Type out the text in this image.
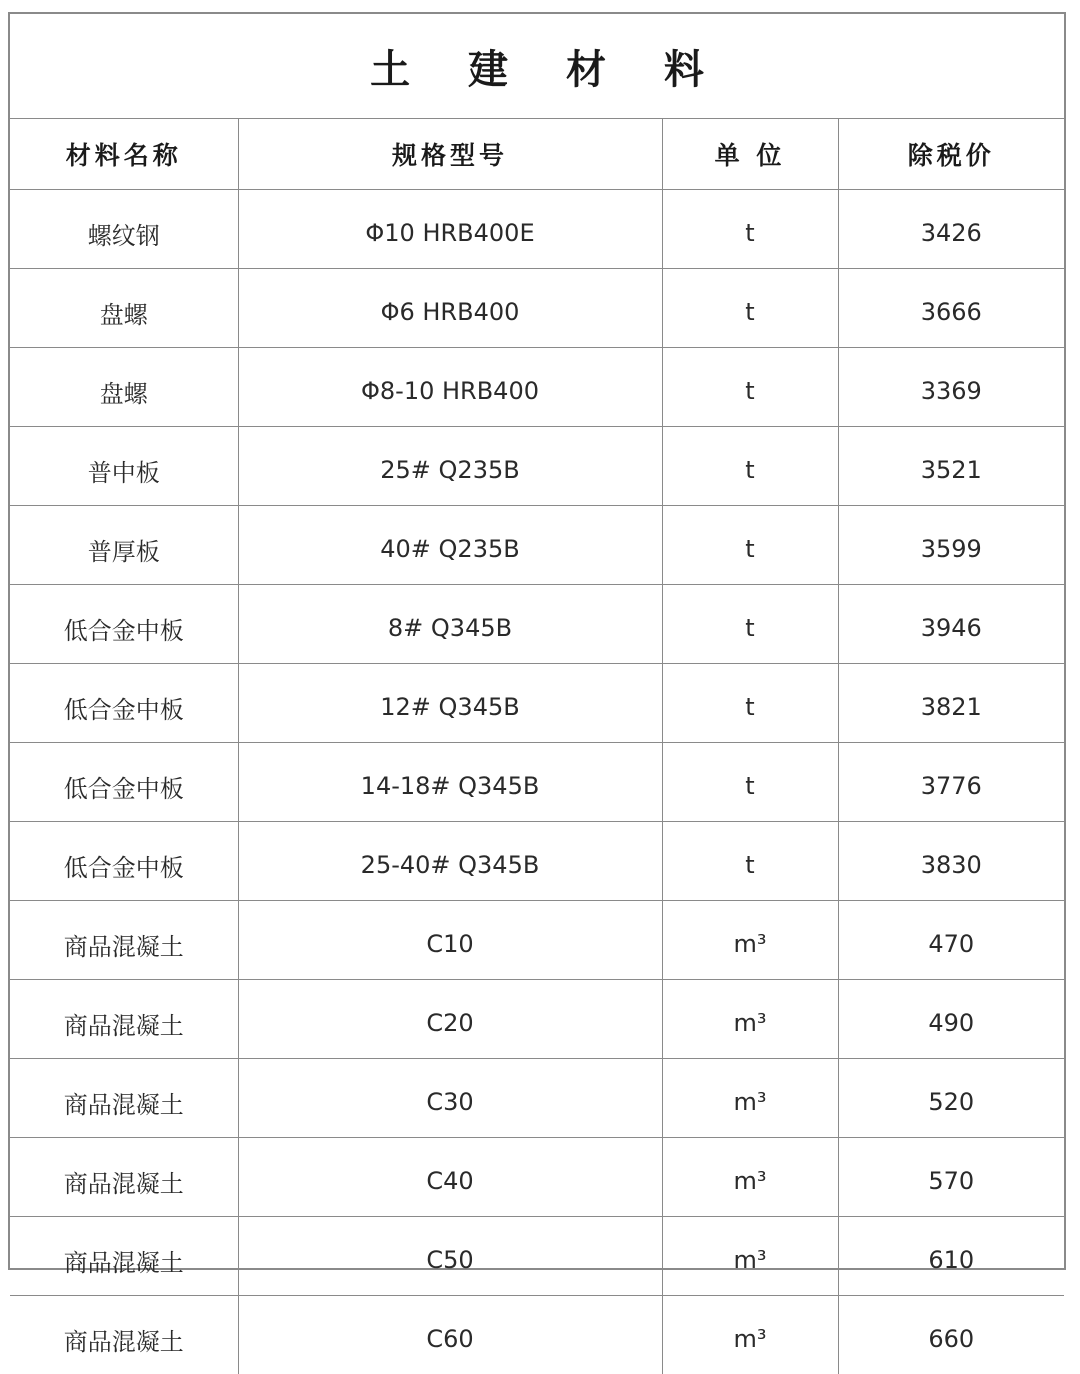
土 建 材 料			
材料名称	规格型号	单 位	除税价
螺纹钢	Φ10 HRB400E	t	3426
盘螺	Φ6 HRB400	t	3666
盘螺	Φ8-10 HRB400	t	3369
普中板	25# Q235B	t	3521
普厚板	40# Q235B	t	3599
低合金中板	8# Q345B	t	3946
低合金中板	12# Q345B	t	3821
低合金中板	14-18# Q345B	t	3776
低合金中板	25-40# Q345B	t	3830
商品混凝土	C10	m³	470
商品混凝土	C20	m³	490
商品混凝土	C30	m³	520
商品混凝土	C40	m³	570
商品混凝土	C50	m³	610
商品混凝土	C60	m³	660
